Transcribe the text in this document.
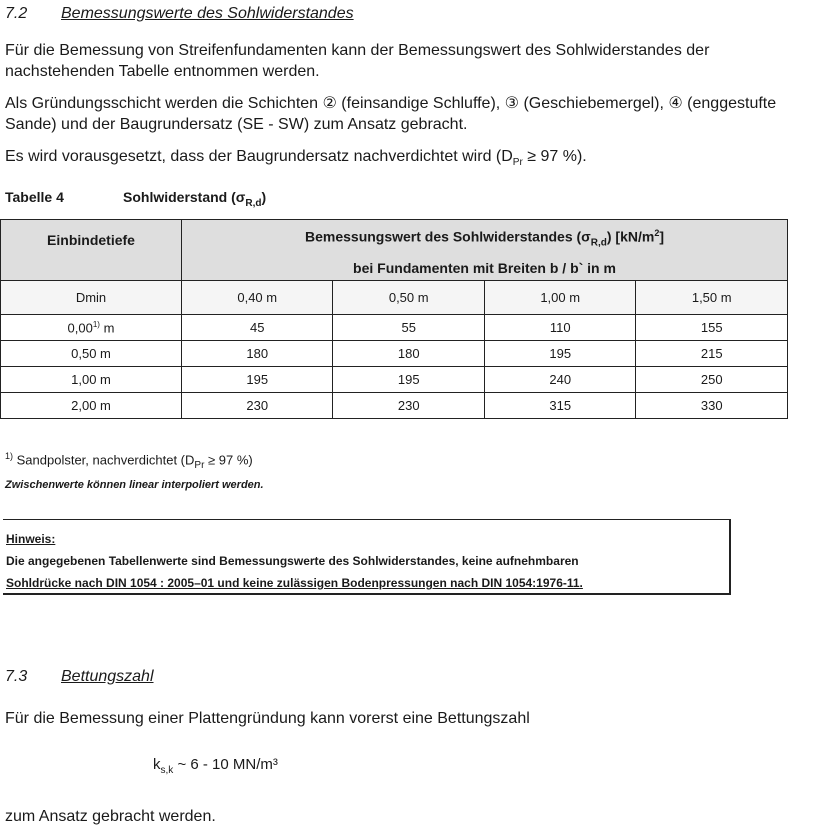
7.2 Bemessungswerte des Sohlwiderstandes

Für die Bemessung von Streifenfundamenten kann der Bemessungswert des Sohlwiderstandes der nachstehenden Tabelle entnommen werden.

Als Gründungsschicht werden die Schichten ② (feinsandige Schluffe), ③ (Geschiebemergel), ④ (enggestufte Sande) und der Baugrundersatz (SE - SW) zum Ansatz gebracht.

Es wird vorausgesetzt, dass der Baugrundersatz nachverdichtet wird ($D_{Pr} \ge 97$ %).

Tabelle 4	Sohlwiderstand $(\sigma_{R,d})$

Einbindetiefe	Bemessungswert des Sohlwiderstandes $(\sigma_{R,d})$ $[kN/m^2]$			
	bei Fundamenten mit Breiten b / b` in m			
Dmin	0,40 m	0,50 m	1,00 m	1,50 m
0,00$^{1)}$ m	45	55	110	155
0,50 m	180	180	195	215
1,00 m	195	195	240	250
2,00 m	230	230	315	330

$^{1)}$ Sandpolster, nachverdichtet ($D_{Pr} \ge 97$ %)

Zwischenwerte können linear interpoliert werden.

Hinweis:
Die angegebenen Tabellenwerte sind Bemessungswerte des Sohlwiderstandes, keine aufnehmbaren
Sohldrücke nach DIN 1054 : 2005–01 und keine zulässigen Bodenpressungen nach DIN 1054:1976-11.
7.3 Bettungszahl

Für die Bemessung einer Plattengründung kann vorerst eine Bettungszahl

$k_{s,k}$ ~ 6 - 10 MN/m³

zum Ansatz gebracht werden.
